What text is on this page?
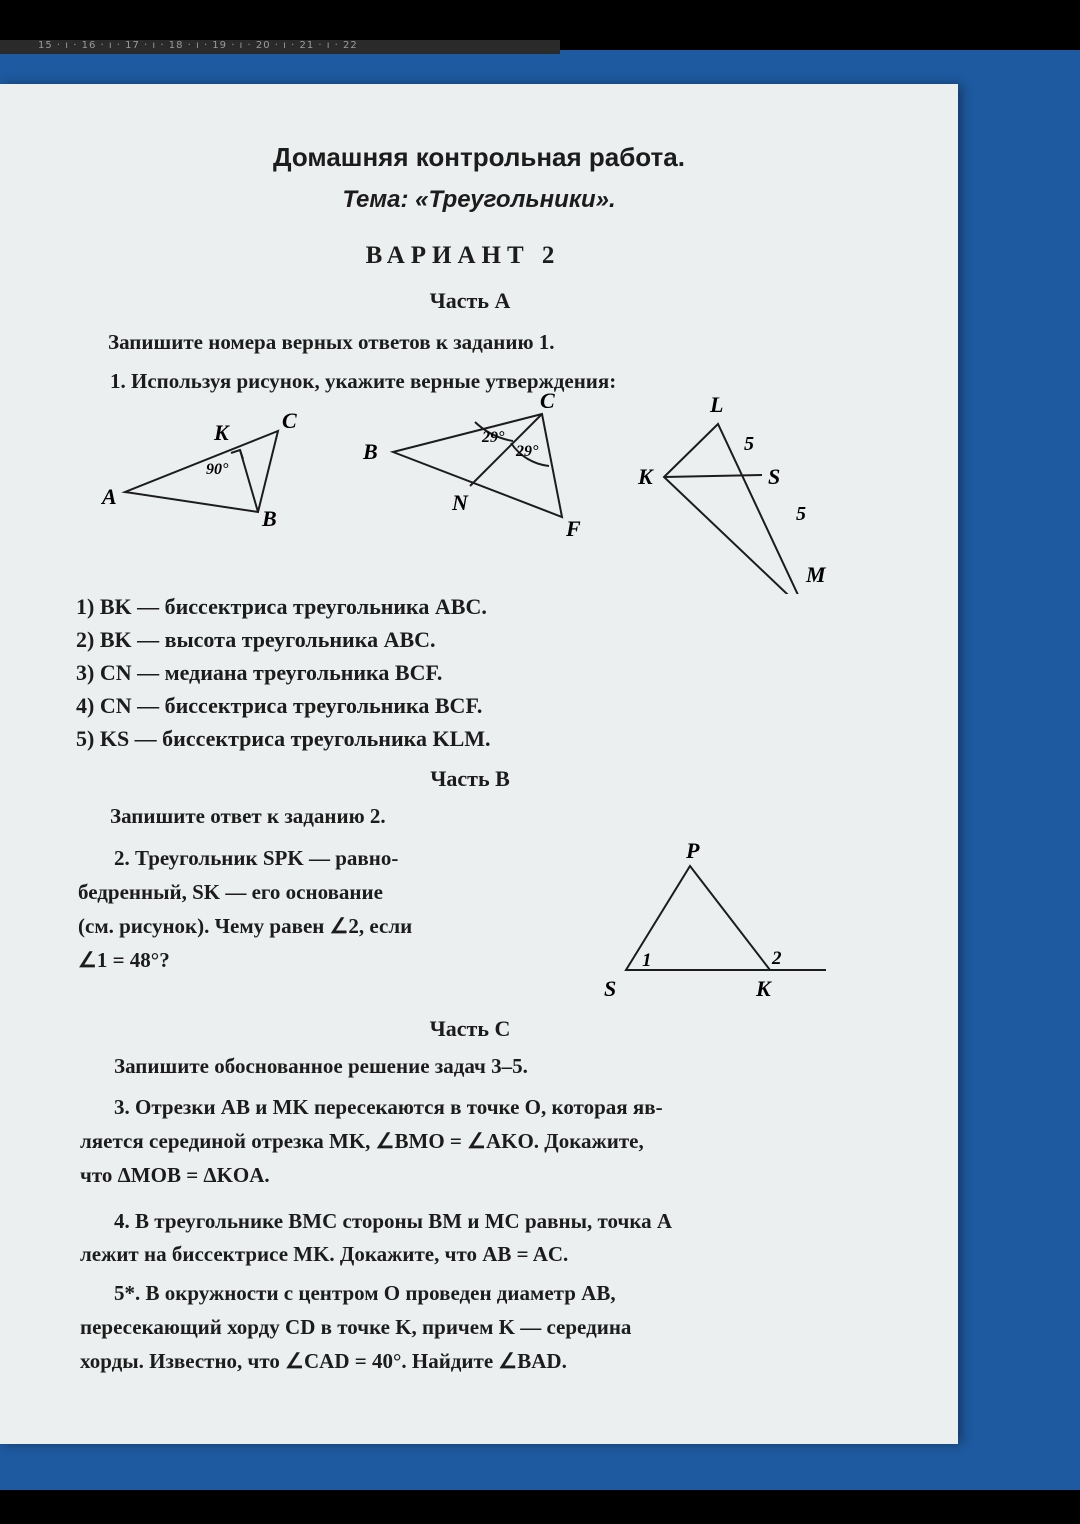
15 · ı · 16 · ı · 17 · ı · 18 · ı · 19 · ı · 20 · ı · 21 · ı · 22
Домашняя контрольная работа.
Тема: «Треугольники».
ВАРИАНТ 2
Часть А
Запишите номера верных ответов к заданию 1.
1. Используя рисунок, укажите верные утверждения:
K C
A
B
90°
C
B
N
F
29°
29°
L
K	S
5
5
M
1) BK — биссектриса треугольника ABC.
2) BK — высота треугольника ABC.
3) CN — медиана треугольника BCF.
4) CN — биссектриса треугольника BCF.
5) KS — биссектриса треугольника KLM.
Часть В
Запишите ответ к заданию 2.
2. Треугольник SPK — равно-
бедренный, SK — его основание
(см. рисунок). Чему равен ∠2, если
∠1 = 48°?
P
S	K
1	2
Часть С
Запишите обоснованное решение задач 3–5.
3. Отрезки AB и MK пересекаются в точке O, которая яв-
ляется серединой отрезка MK, ∠BMO = ∠AKO. Докажите,
что ΔMOB = ΔKOA.
4. В треугольнике BMC стороны BM и MC равны, точка A
лежит на биссектрисе MK. Докажите, что AB = AC.
5*. В окружности с центром O проведен диаметр AB,
пересекающий хорду CD в точке K, причем K — середина
хорды. Известно, что ∠CAD = 40°. Найдите ∠BAD.
